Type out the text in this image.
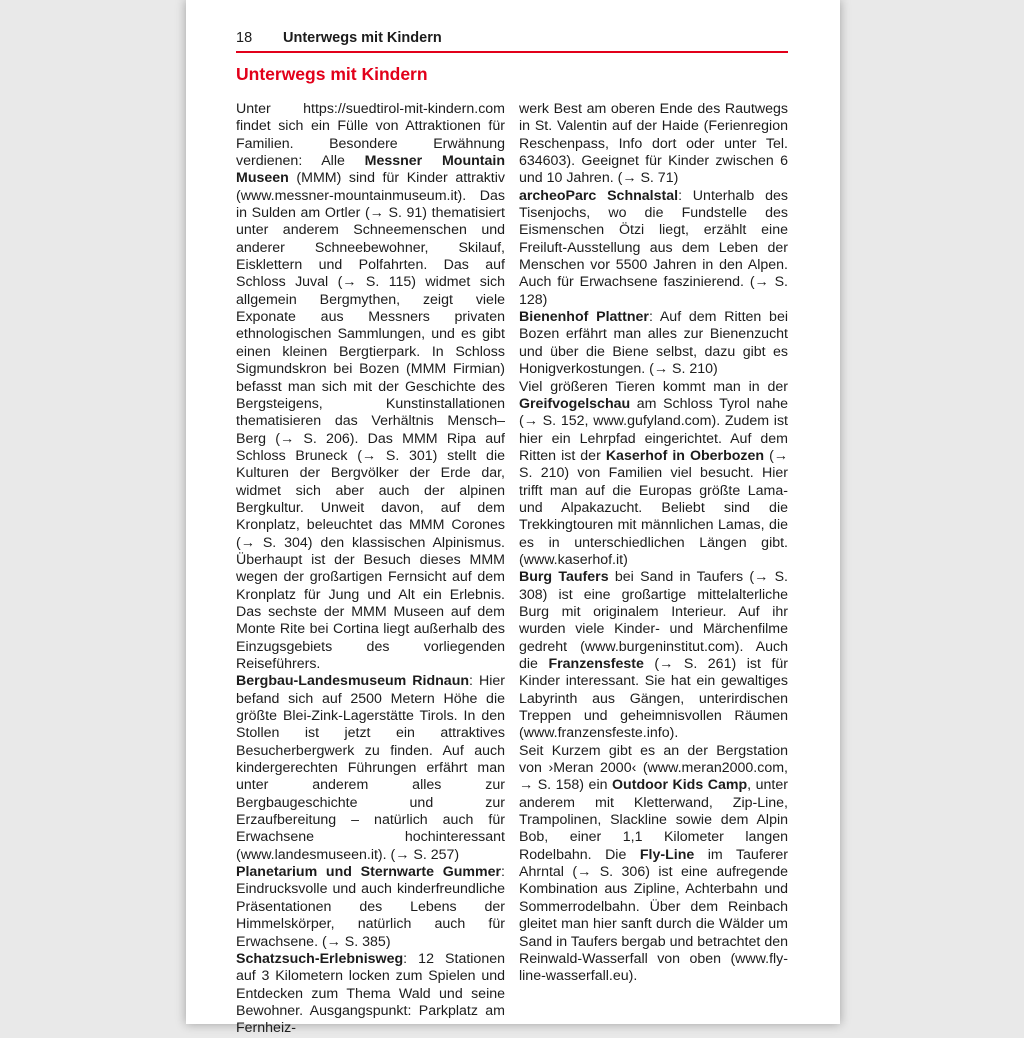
18	Unterwegs mit Kindern
Unterwegs mit Kindern

Unter https://suedtirol-mit-kindern.com findet sich ein Fülle von Attraktionen für Familien. Besondere Erwähnung verdienen: Alle Messner Mountain Museen (MMM) sind für Kinder attraktiv (www.messner-mountainmuseum.it). Das in Sulden am Ortler (→ S. 91) thematisiert unter anderem Schneemenschen und anderer Schneebewohner, Skilauf, Eisklettern und Polfahrten. Das auf Schloss Juval (→ S. 115) widmet sich allgemein Bergmythen, zeigt viele Exponate aus Messners privaten ethnologischen Sammlungen, und es gibt einen kleinen Bergtierpark. In Schloss Sigmundskron bei Bozen (MMM Firmian) befasst man sich mit der Geschichte des Bergsteigens, Kunstinstallationen thematisieren das Verhältnis Mensch–Berg (→ S. 206). Das MMM Ripa auf Schloss Bruneck (→ S. 301) stellt die Kulturen der Bergvölker der Erde dar, widmet sich aber auch der alpinen Bergkultur. Unweit davon, auf dem Kronplatz, beleuchtet das MMM Corones (→ S. 304) den klassischen Alpinismus. Überhaupt ist der Besuch dieses MMM wegen der großartigen Fernsicht auf dem Kronplatz für Jung und Alt ein Erlebnis. Das sechste der MMM Museen auf dem Monte Rite bei Cortina liegt außerhalb des Einzugsgebiets des vorliegenden Reiseführers.

Bergbau-Landesmuseum Ridnaun: Hier befand sich auf 2500 Metern Höhe die größte Blei-Zink-Lagerstätte Tirols. In den Stollen ist jetzt ein attraktives Besucherbergwerk zu finden. Auf auch kindergerechten Führungen erfährt man unter anderem alles zur Bergbaugeschichte und zur Erzaufbereitung – natürlich auch für Erwachsene hochinteressant (www.landesmuseen.it). (→ S. 257)

Planetarium und Sternwarte Gummer: Eindrucksvolle und auch kinderfreundliche Präsentationen des Lebens der Himmelskörper, natürlich auch für Erwachsene. (→ S. 385)

Schatzsuch-Erlebnisweg: 12 Stationen auf 3 Kilometern locken zum Spielen und Entdecken zum Thema Wald und seine Bewohner. Ausgangspunkt: Parkplatz am Fernheiz-

werk Best am oberen Ende des Rautwegs in St. Valentin auf der Haide (Ferienregion Reschenpass, Info dort oder unter Tel. 634603). Geeignet für Kinder zwischen 6 und 10 Jahren. (→ S. 71)

archeoParc Schnalstal: Unterhalb des Tisenjochs, wo die Fundstelle des Eismenschen Ötzi liegt, erzählt eine Freiluft-Ausstellung aus dem Leben der Menschen vor 5500 Jahren in den Alpen. Auch für Erwachsene faszinierend. (→ S. 128)

Bienenhof Plattner: Auf dem Ritten bei Bozen erfährt man alles zur Bienenzucht und über die Biene selbst, dazu gibt es Honigverkostungen. (→ S. 210)

Viel größeren Tieren kommt man in der Greifvogelschau am Schloss Tyrol nahe (→ S. 152, www.gufyland.com). Zudem ist hier ein Lehrpfad eingerichtet. Auf dem Ritten ist der Kaserhof in Oberbozen (→ S. 210) von Familien viel besucht. Hier trifft man auf die Europas größte Lama- und Alpakazucht. Beliebt sind die Trekkingtouren mit männlichen Lamas, die es in unterschiedlichen Längen gibt. (www.kaserhof.it)

Burg Taufers bei Sand in Taufers (→ S. 308) ist eine großartige mittelalterliche Burg mit originalem Interieur. Auf ihr wurden viele Kinder- und Märchenfilme gedreht (www.burgeninstitut.com). Auch die Franzensfeste (→ S. 261) ist für Kinder interessant. Sie hat ein gewaltiges Labyrinth aus Gängen, unterirdischen Treppen und geheimnisvollen Räumen (www.franzensfeste.info).

Seit Kurzem gibt es an der Bergstation von ›Meran 2000‹ (www.meran2000.com, → S. 158) ein Outdoor Kids Camp, unter anderem mit Kletterwand, Zip-Line, Trampolinen, Slackline sowie dem Alpin Bob, einer 1,1 Kilometer langen Rodelbahn. Die Fly-Line im Tauferer Ahrntal (→ S. 306) ist eine aufregende Kombination aus Zipline, Achterbahn und Sommerrodelbahn. Über dem Reinbach gleitet man hier sanft durch die Wälder um Sand in Taufers bergab und betrachtet den Reinwald-Wasserfall von oben (www.fly-line-wasserfall.eu).
